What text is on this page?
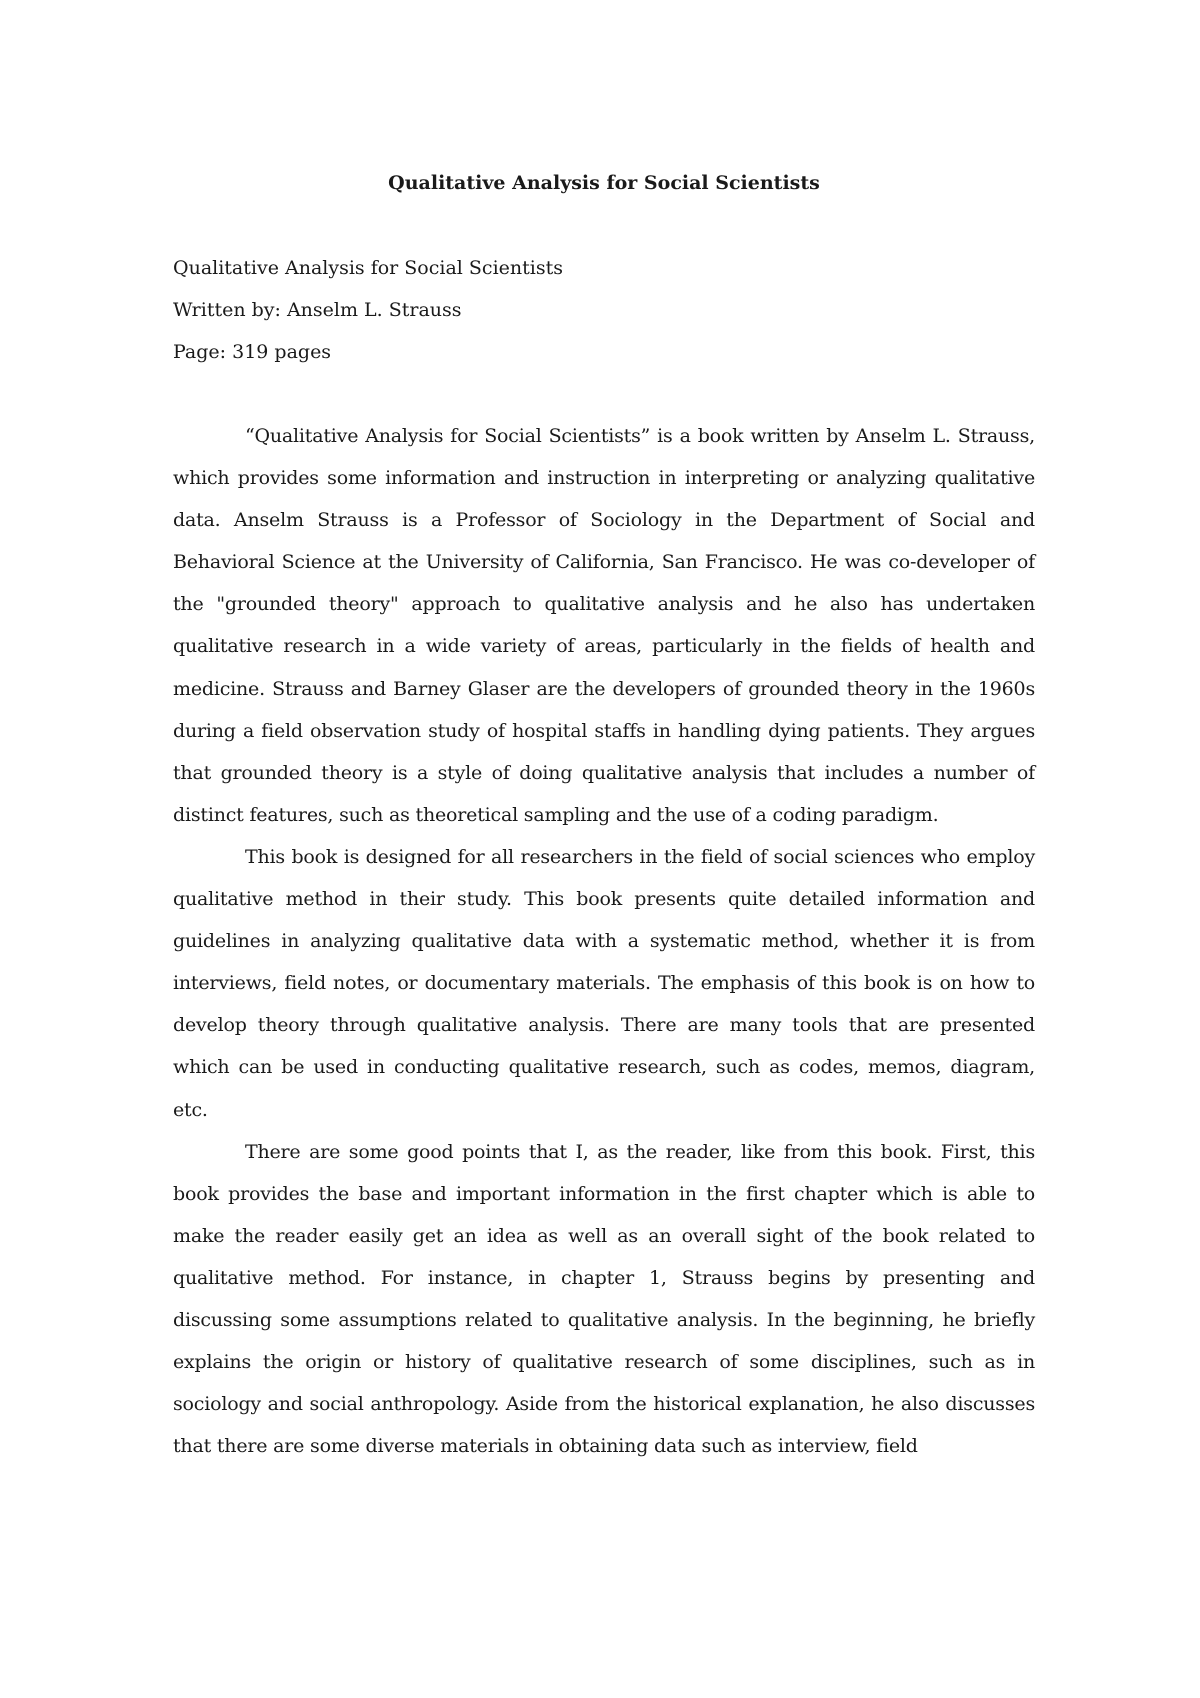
Qualitative Analysis for Social Scientists
Qualitative Analysis for Social Scientists
Written by: Anselm L. Strauss
Page: 319 pages

“Qualitative Analysis for Social Scientists” is a book written by Anselm L. Strauss, which provides some information and instruction in interpreting or analyzing qualitative data. Anselm Strauss is a Professor of Sociology in the Department of Social and Behavioral Science at the University of California, San Francisco. He was co-developer of the "grounded theory" approach to qualitative analysis and he also has undertaken qualitative research in a wide variety of areas, particularly in the fields of health and medicine. Strauss and Barney Glaser are the developers of grounded theory in the 1960s during a field observation study of hospital staffs in handling dying patients. They argues that grounded theory is a style of doing qualitative analysis that includes a number of distinct features, such as theoretical sampling and the use of a coding paradigm.

This book is designed for all researchers in the field of social sciences who employ qualitative method in their study. This book presents quite detailed information and guidelines in analyzing qualitative data with a systematic method, whether it is from interviews, field notes, or documentary materials. The emphasis of this book is on how to develop theory through qualitative analysis. There are many tools that are presented which can be used in conducting qualitative research, such as codes, memos, diagram, etc.

There are some good points that I, as the reader, like from this book. First, this book provides the base and important information in the first chapter which is able to make the reader easily get an idea as well as an overall sight of the book related to qualitative method. For instance, in chapter 1, Strauss begins by presenting and discussing some assumptions related to qualitative analysis. In the beginning, he briefly explains the origin or history of qualitative research of some disciplines, such as in sociology and social anthropology. Aside from the historical explanation, he also discusses that there are some diverse materials in obtaining data such as interview, field
